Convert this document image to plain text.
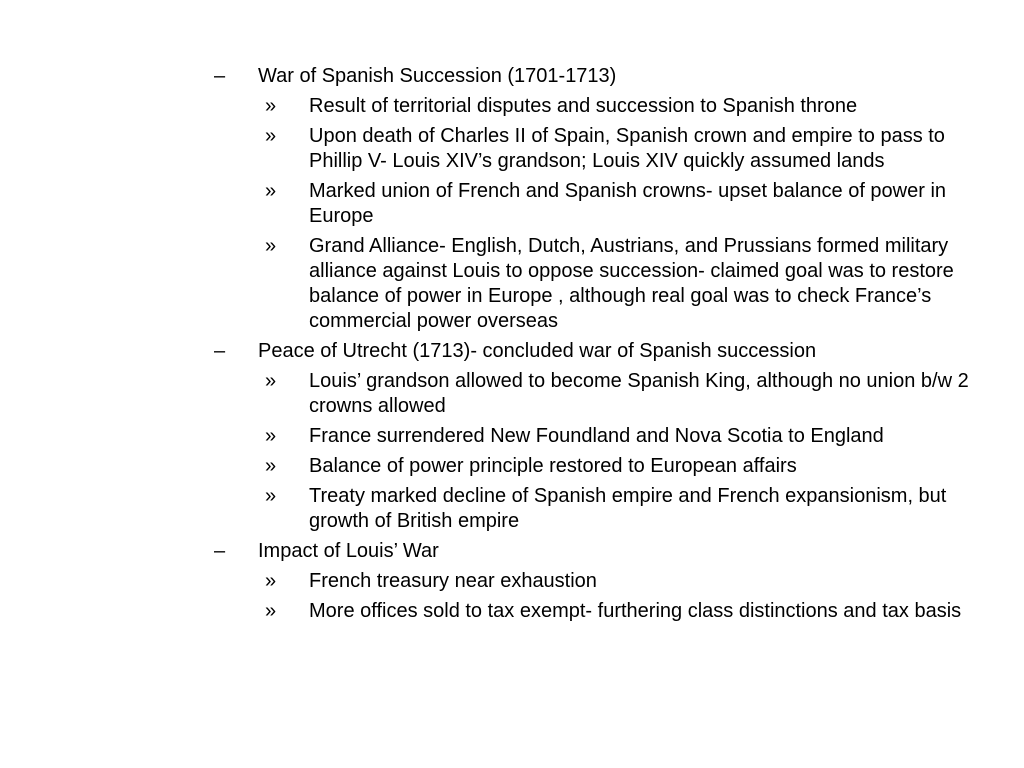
– War of Spanish Succession (1701-1713)
» Result of territorial disputes and succession to Spanish throne
» Upon death of Charles II of Spain, Spanish crown and empire to pass to Phillip V- Louis XIV’s grandson; Louis XIV quickly assumed lands
» Marked union of French and Spanish crowns- upset balance of power in Europe
» Grand Alliance- English, Dutch, Austrians, and Prussians formed military alliance against Louis to oppose succession- claimed goal was to restore balance of power in Europe , although real goal was to check France’s commercial power overseas
– Peace of Utrecht (1713)- concluded war of Spanish succession
» Louis’ grandson allowed to become Spanish King, although no union b/w 2 crowns allowed
» France surrendered New Foundland and Nova Scotia to England
» Balance of power principle restored to European affairs
» Treaty marked decline of Spanish empire and French expansionism, but growth of British empire
– Impact of Louis’ War
» French treasury near exhaustion
» More offices sold to tax exempt- furthering class distinctions and tax basis
